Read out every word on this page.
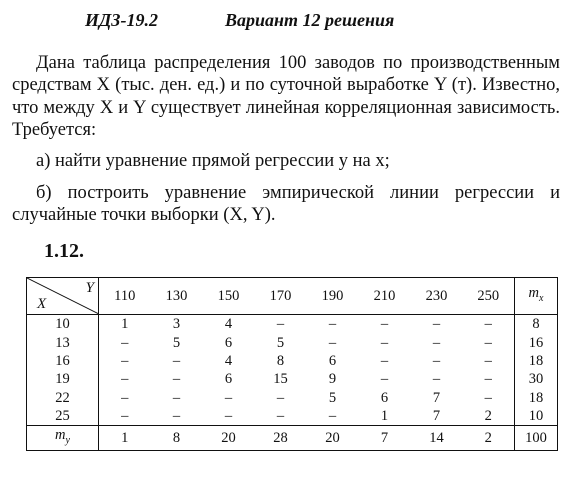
ИДЗ-19.2	Вариант 12 решения

Дана таблица распределения 100 заводов по производственным средствам X (тыс. ден. ед.) и по суточной выработке Y (т). Известно, что между X и Y существует линейная корреляционная зависимость. Требуется:

а) найти уравнение прямой регрессии y на x;

б) построить уравнение эмпирической линии регрессии и случайные точки выборки (X, Y).

1.12.
Y
X	110	130	150	170	190	210	230	250	$m_x$
10	1	3	4	–	–	–	–	–	8
13	–	5	6	5	–	–	–	–	16
16	–	–	4	8	6	–	–	–	18
19	–	–	6	15	9	–	–	–	30
22	–	–	–	–	5	6	7	–	18
25	–	–	–	–	–	1	7	2	10
$m_y$	1	8	20	28	20	7	14	2	100
